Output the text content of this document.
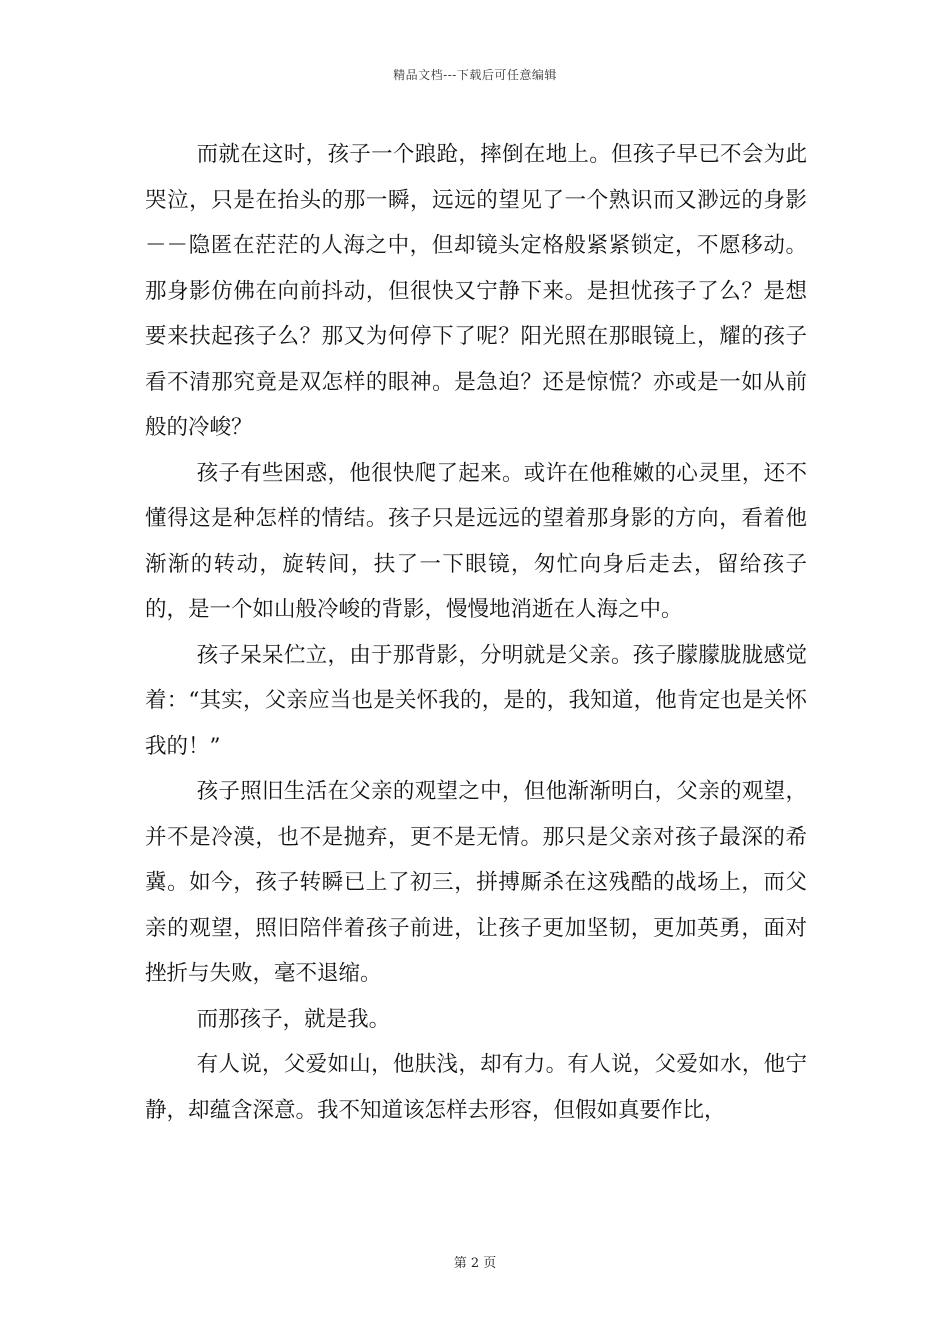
精品文档---下载后可任意编辑

而就在这时，孩子一个踉跄，摔倒在地上。但孩子早已不会为此哭泣，只是在抬头的那一瞬，远远的望见了一个熟识而又渺远的身影－－隐匿在茫茫的人海之中，但却镜头定格般紧紧锁定，不愿移动。那身影仿佛在向前抖动，但很快又宁静下来。是担忧孩子了么？是想要来扶起孩子么？那又为何停下了呢？阳光照在那眼镜上，耀的孩子看不清那究竟是双怎样的眼神。是急迫？还是惊慌？亦或是一如从前般的冷峻？

孩子有些困惑，他很快爬了起来。或许在他稚嫩的心灵里，还不懂得这是种怎样的情结。孩子只是远远的望着那身影的方向，看着他渐渐的转动，旋转间，扶了一下眼镜，匆忙向身后走去，留给孩子的，是一个如山般冷峻的背影，慢慢地消逝在人海之中。

孩子呆呆伫立，由于那背影，分明就是父亲。孩子朦朦胧胧感觉着：“其实，父亲应当也是关怀我的，是的，我知道，他肯定也是关怀我的！”

孩子照旧生活在父亲的观望之中，但他渐渐明白，父亲的观望，并不是冷漠，也不是抛弃，更不是无情。那只是父亲对孩子最深的希冀。如今，孩子转瞬已上了初三，拼搏厮杀在这残酷的战场上，而父亲的观望，照旧陪伴着孩子前进，让孩子更加坚韧，更加英勇，面对挫折与失败，毫不退缩。

而那孩子，就是我。

有人说，父爱如山，他肤浅，却有力。有人说，父爱如水，他宁静，却蕴含深意。我不知道该怎样去形容，但假如真要作比，

第 2 页
